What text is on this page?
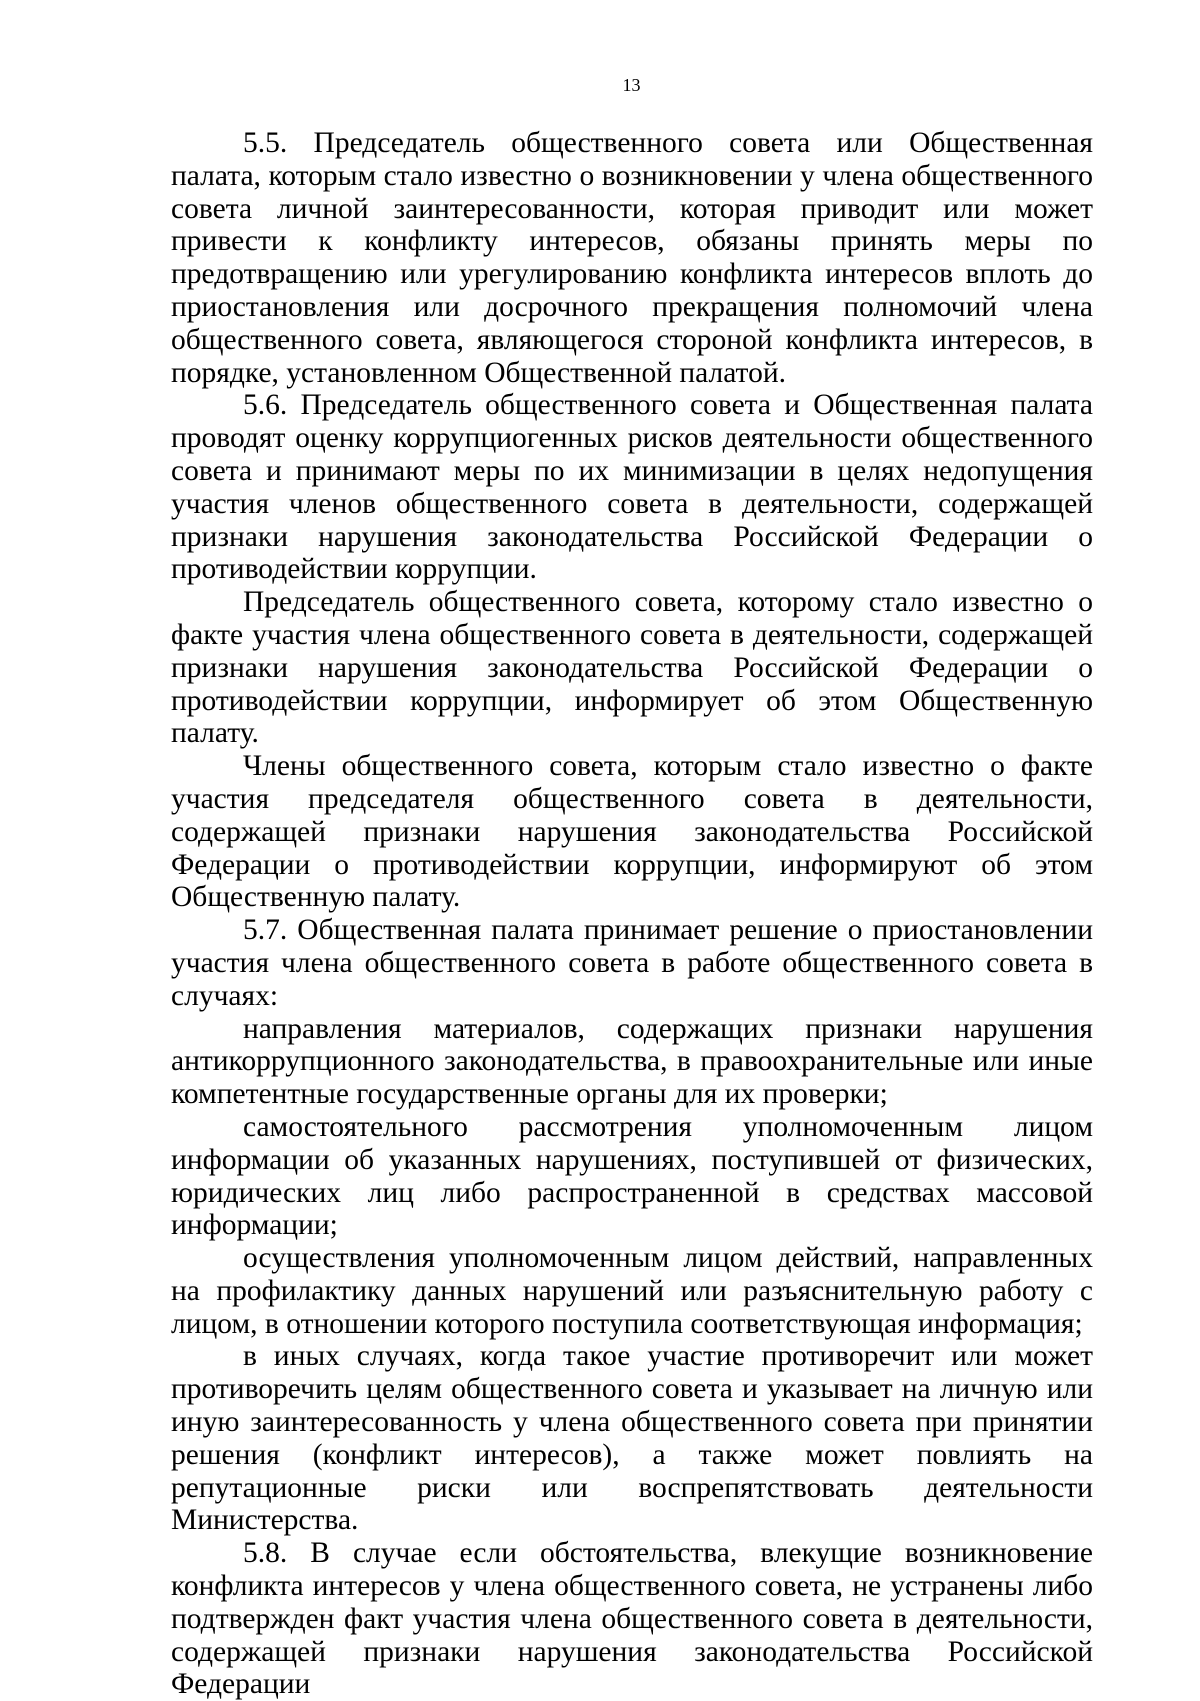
13

5.5. Председатель общественного совета или Общественная палата, которым стало известно о возникновении у члена общественного совета личной заинтересованности, которая приводит или может привести к конфликту интересов, обязаны принять меры по предотвращению или урегулированию конфликта интересов вплоть до приостановления или досрочного прекращения полномочий члена общественного совета, являющегося стороной конфликта интересов, в порядке, установленном Общественной палатой.

5.6. Председатель общественного совета и Общественная палата проводят оценку коррупциогенных рисков деятельности общественного совета и принимают меры по их минимизации в целях недопущения участия членов общественного совета в деятельности, содержащей признаки нарушения законодательства Российской Федерации о противодействии коррупции.

Председатель общественного совета, которому стало известно о факте участия члена общественного совета в деятельности, содержащей признаки нарушения законодательства Российской Федерации о противодействии коррупции, информирует об этом Общественную палату.

Члены общественного совета, которым стало известно о факте участия председателя общественного совета в деятельности, содержащей признаки нарушения законодательства Российской Федерации о противодействии коррупции, информируют об этом Общественную палату.

5.7. Общественная палата принимает решение о приостановлении участия члена общественного совета в работе общественного совета в случаях:

направления материалов, содержащих признаки нарушения антикоррупционного законодательства, в правоохранительные или иные компетентные государственные органы для их проверки;

самостоятельного рассмотрения уполномоченным лицом информации об указанных нарушениях, поступившей от физических, юридических лиц либо распространенной в средствах массовой информации;

осуществления уполномоченным лицом действий, направленных на профилактику данных нарушений или разъяснительную работу с лицом, в отношении которого поступила соответствующая информация;

в иных случаях, когда такое участие противоречит или может противоречить целям общественного совета и указывает на личную или иную заинтересованность у члена общественного совета при принятии решения (конфликт интересов), а также может повлиять на репутационные риски или воспрепятствовать деятельности Министерства.

5.8. В случае если обстоятельства, влекущие возникновение конфликта интересов у члена общественного совета, не устранены либо подтвержден факт участия члена общественного совета в деятельности, содержащей признаки нарушения законодательства Российской Федерации
